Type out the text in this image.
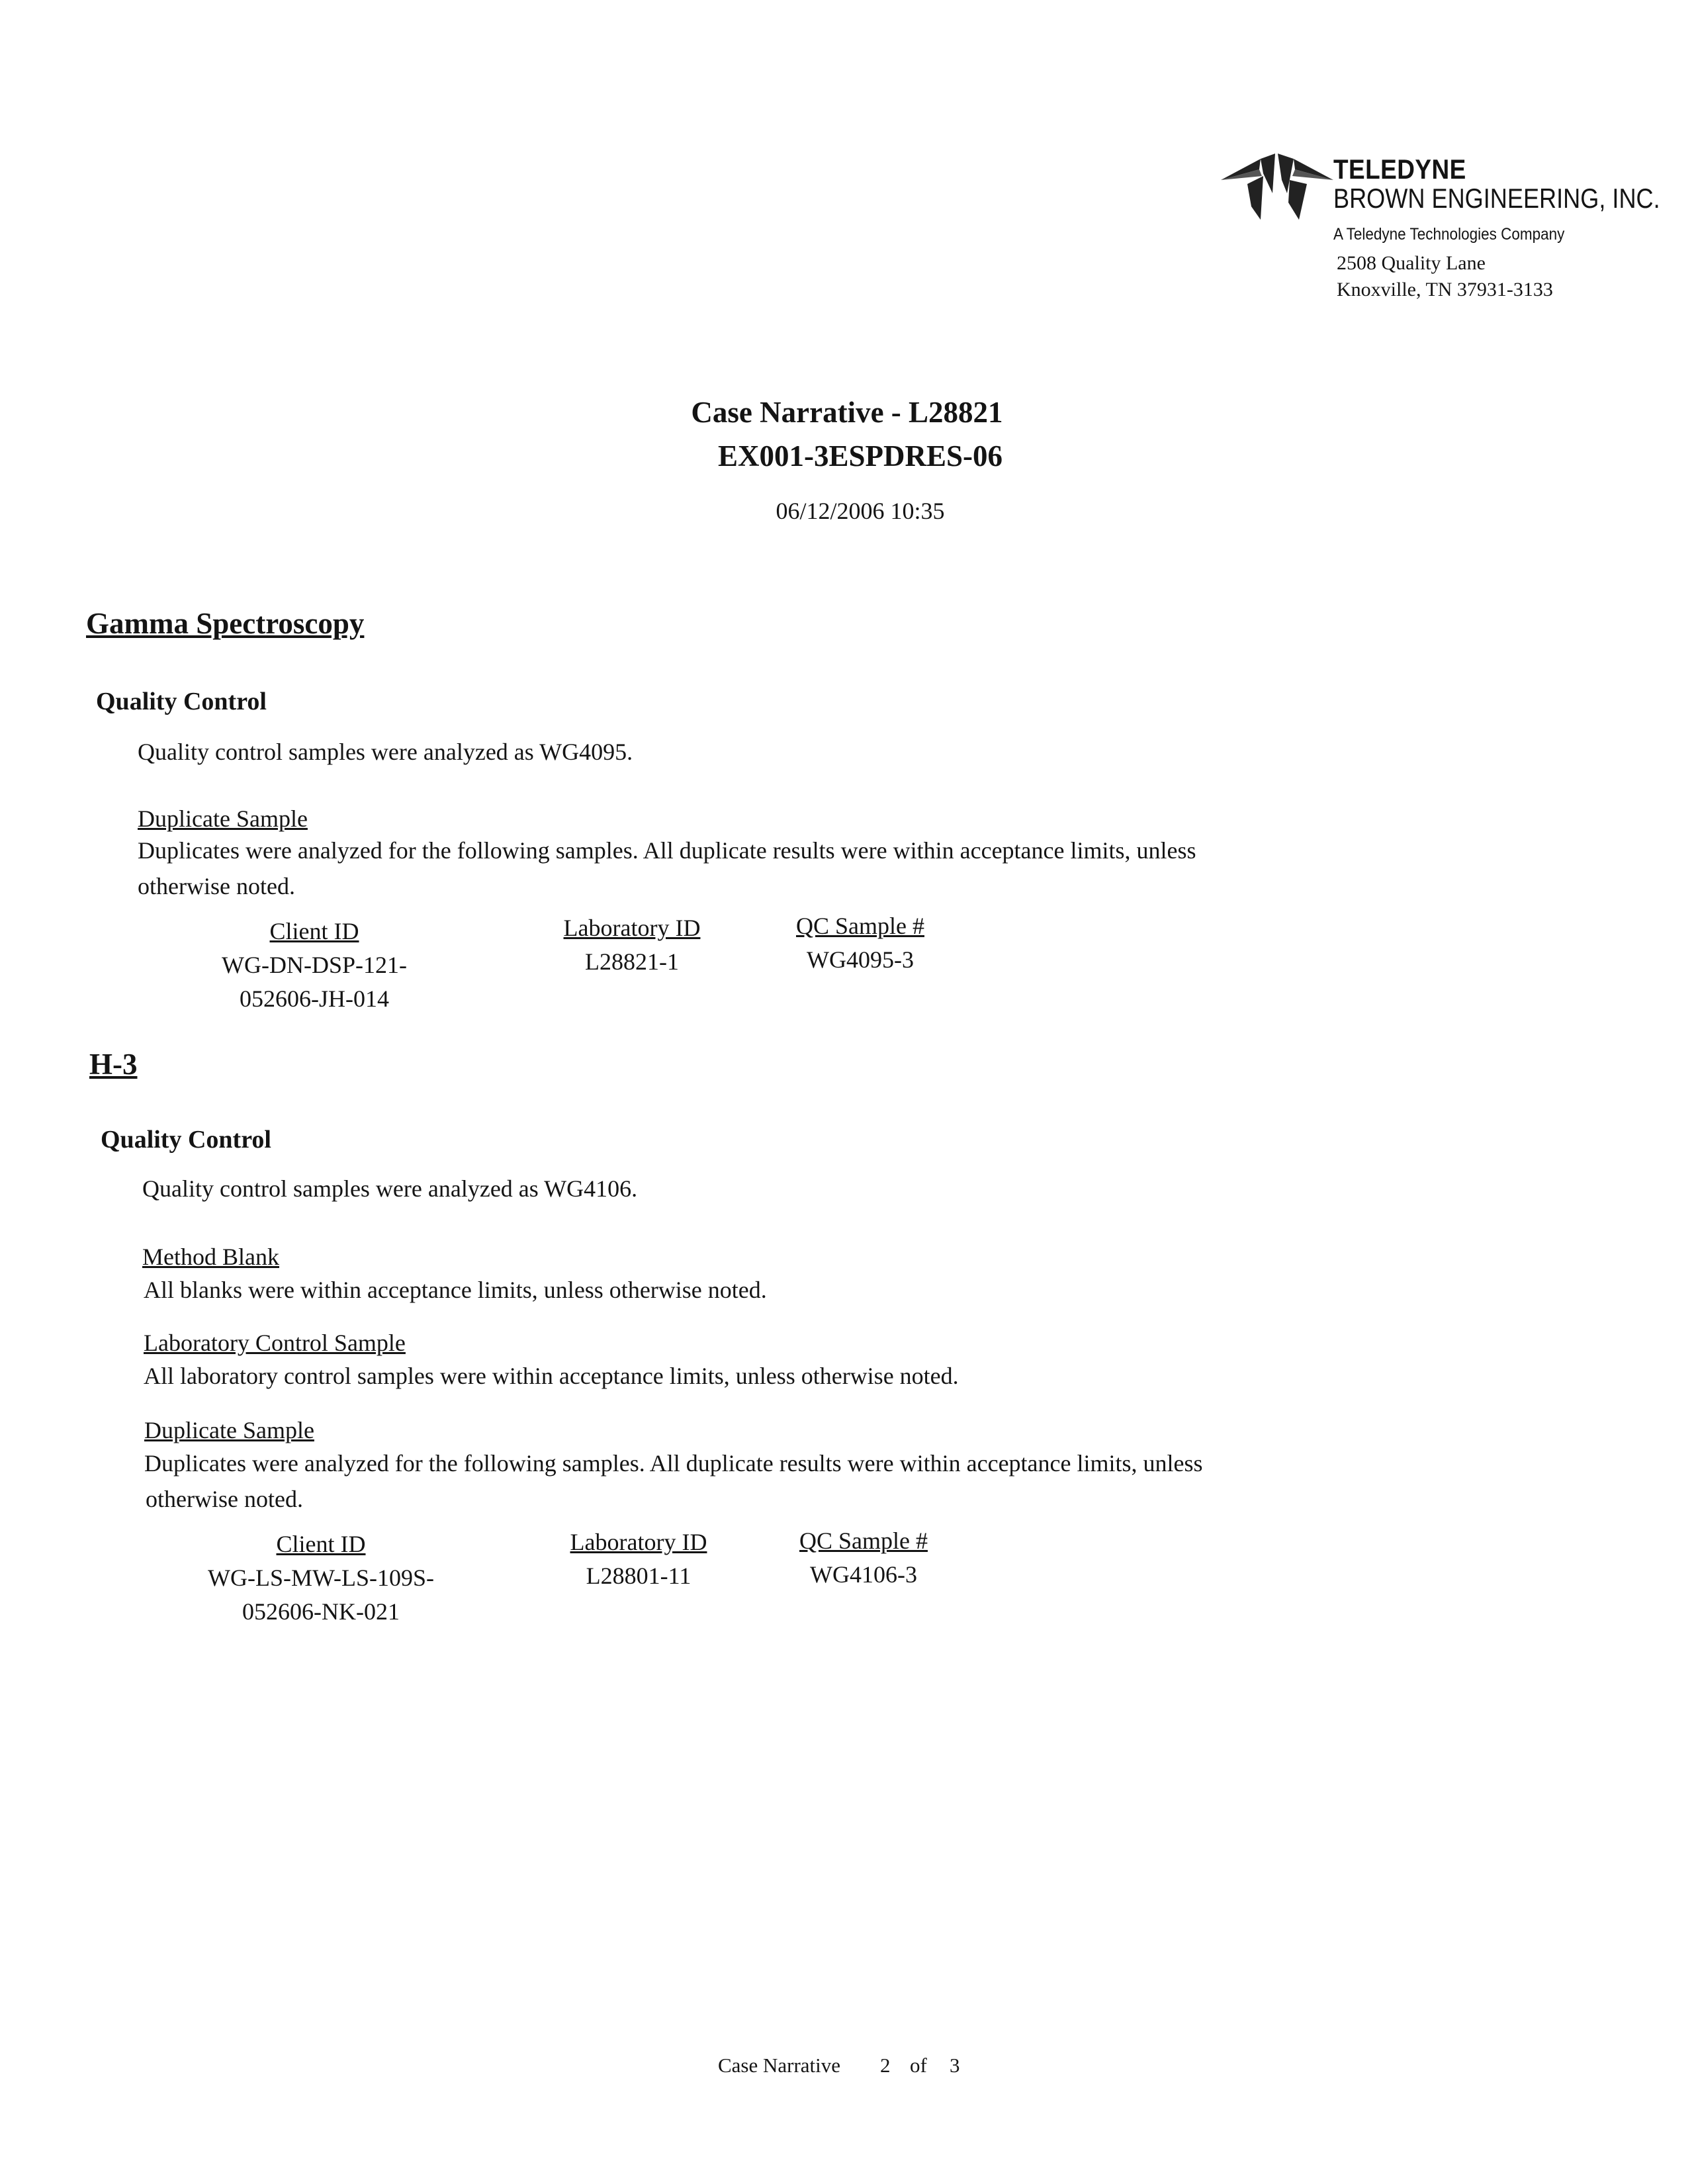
TELEDYNE
BROWN ENGINEERING, INC.
A Teledyne Technologies Company
2508 Quality Lane
Knoxville, TN 37931-3133
Case Narrative - L28821
EX001-3ESPDRES-06
06/12/2006 10:35
Gamma Spectroscopy
Quality Control
Quality control samples were analyzed as WG4095.
Duplicate Sample
Duplicates were analyzed for the following samples. All duplicate results were within acceptance limits, unless
otherwise noted.
Client ID
WG-DN-DSP-121-
052606-JH-014
Laboratory ID
L28821-1
QC Sample #
WG4095-3
H-3
Quality Control
Quality control samples were analyzed as WG4106.
Method Blank
All blanks were within acceptance limits, unless otherwise noted.
Laboratory Control Sample
All laboratory control samples were within acceptance limits, unless otherwise noted.
Duplicate Sample
Duplicates were analyzed for the following samples. All duplicate results were within acceptance limits, unless
otherwise noted.
Client ID
WG-LS-MW-LS-109S-
052606-NK-021
Laboratory ID
L28801-11
QC Sample #
WG4106-3
Case Narrative 2 of 3
